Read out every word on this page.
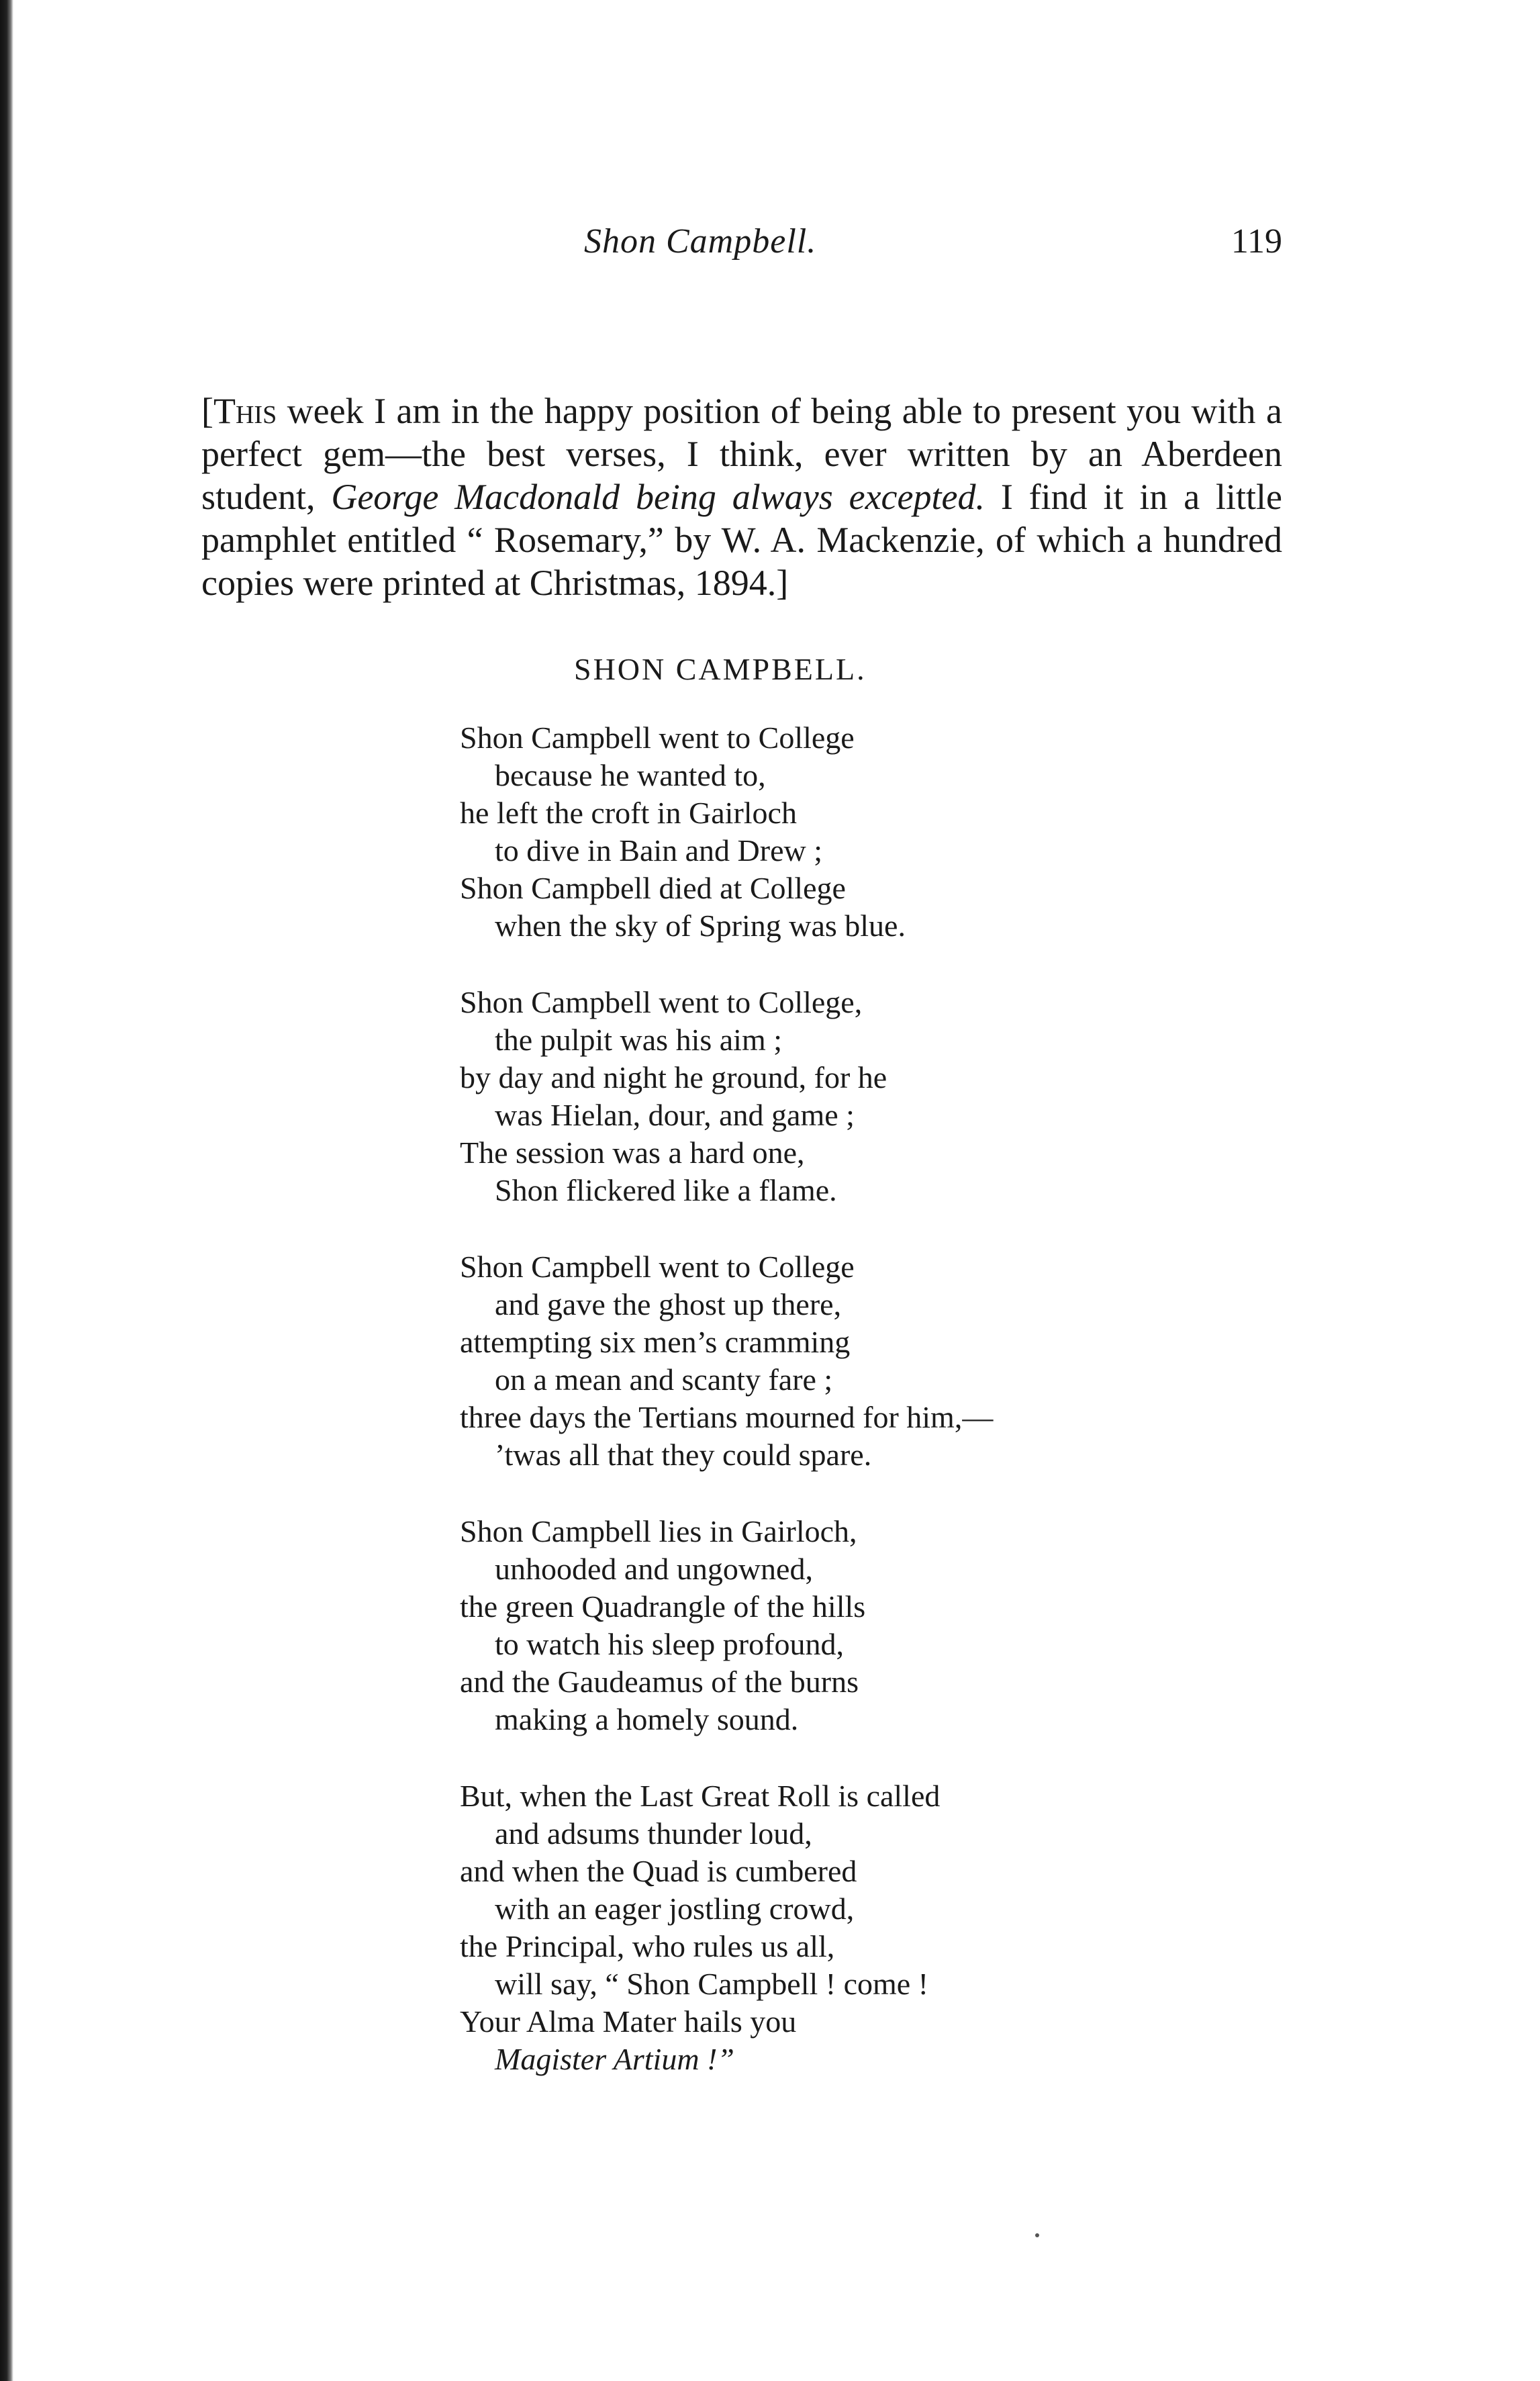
Shon Campbell.	119

[This week I am in the happy position of being able to present you with a perfect gem—the best verses, I think, ever written by an Aberdeen student, George Macdonald being always excepted. I find it in a little pamphlet entitled “ Rosemary,” by W. A. Mackenzie, of which a hundred copies were printed at Christmas, 1894.]

SHON CAMPBELL.
Shon Campbell went to College
because he wanted to,
he left the croft in Gairloch
to dive in Bain and Drew ;
Shon Campbell died at College
when the sky of Spring was blue.
Shon Campbell went to College,
the pulpit was his aim ;
by day and night he ground, for he
was Hielan, dour, and game ;
The session was a hard one,
Shon flickered like a flame.
Shon Campbell went to College
and gave the ghost up there,
attempting six men’s cramming
on a mean and scanty fare ;
three days the Tertians mourned for him,—
’twas all that they could spare.
Shon Campbell lies in Gairloch,
unhooded and ungowned,
the green Quadrangle of the hills
to watch his sleep profound,
and the Gaudeamus of the burns
making a homely sound.
But, when the Last Great Roll is called
and adsums thunder loud,
and when the Quad is cumbered
with an eager jostling crowd,
the Principal, who rules us all,
will say, “ Shon Campbell ! come !
Your Alma Mater hails you
Magister Artium !”
